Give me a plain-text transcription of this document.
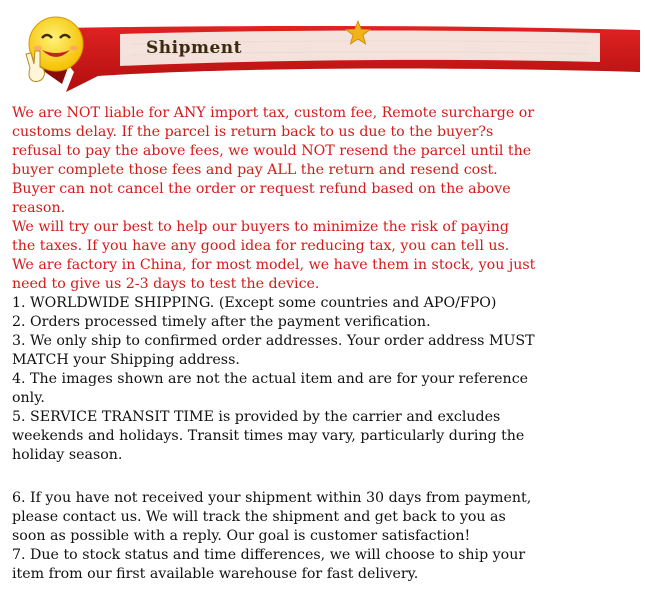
Shipment
We are NOT liable for ANY import tax, custom fee, Remote surcharge or
customs delay. If the parcel is return back to us due to the buyer?s
refusal to pay the above fees, we would NOT resend the parcel until the
buyer complete those fees and pay ALL the return and resend cost.
Buyer can not cancel the order or request refund based on the above
reason.
We will try our best to help our buyers to minimize the risk of paying
the taxes. If you have any good idea for reducing tax, you can tell us.
We are factory in China, for most model, we have them in stock, you just
need to give us 2-3 days to test the device.
1. WORLDWIDE SHIPPING. (Except some countries and APO/FPO)
2. Orders processed timely after the payment verification.
3. We only ship to confirmed order addresses. Your order address MUST
MATCH your Shipping address.
4. The images shown are not the actual item and are for your reference
only.
5. SERVICE TRANSIT TIME is provided by the carrier and excludes
weekends and holidays. Transit times may vary, particularly during the
holiday season.
6. If you have not received your shipment within 30 days from payment,
please contact us. We will track the shipment and get back to you as
soon as possible with a reply. Our goal is customer satisfaction!
7. Due to stock status and time differences, we will choose to ship your
item from our first available warehouse for fast delivery.
